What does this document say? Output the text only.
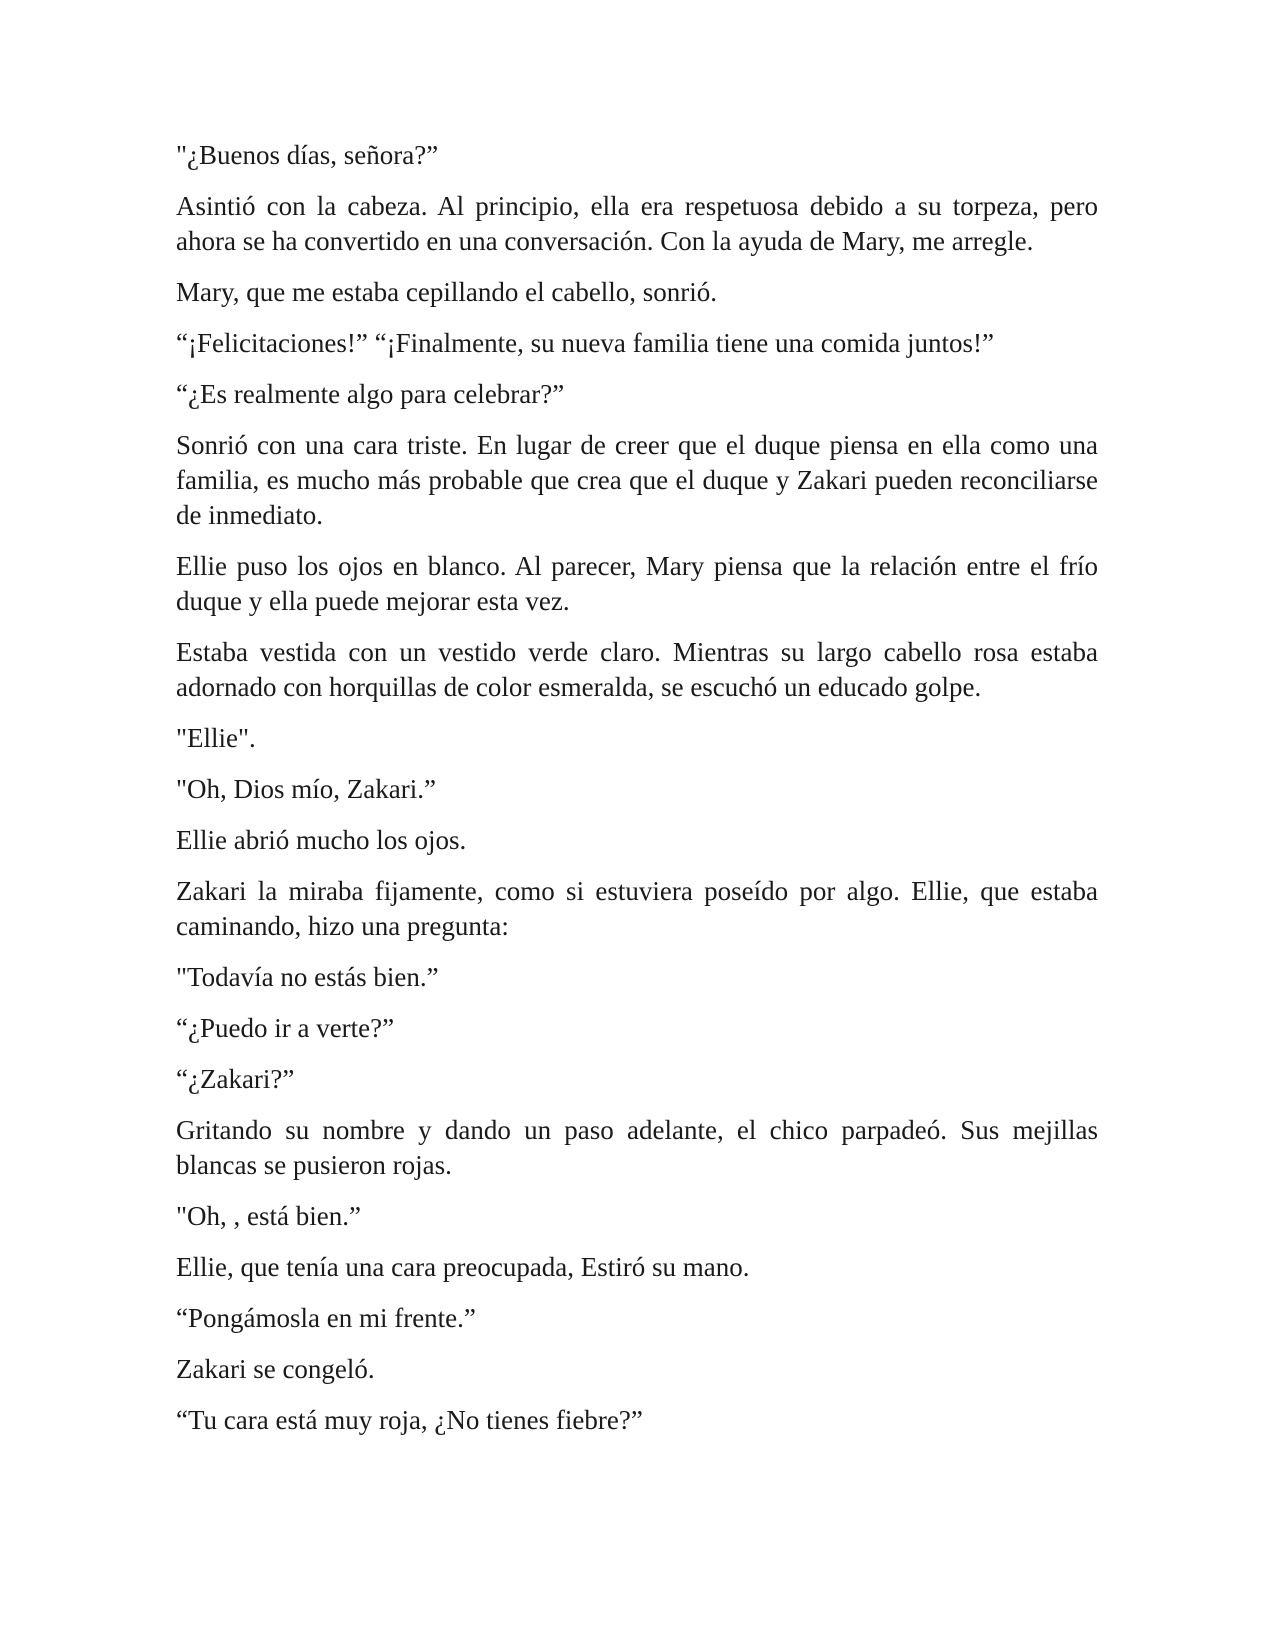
"¿Buenos días, señora?”

Asintió con la cabeza. Al principio, ella era respetuosa debido a su torpeza, pero ahora se ha convertido en una conversación. Con la ayuda de Mary, me arregle.

Mary, que me estaba cepillando el cabello, sonrió.

“¡Felicitaciones!” “¡Finalmente, su nueva familia tiene una comida juntos!”

“¿Es realmente algo para celebrar?”

Sonrió con una cara triste. En lugar de creer que el duque piensa en ella como una familia, es mucho más probable que crea que el duque y Zakari pueden reconciliarse de inmediato.

Ellie puso los ojos en blanco. Al parecer, Mary piensa que la relación entre el frío duque y ella puede mejorar esta vez.

Estaba vestida con un vestido verde claro. Mientras su largo cabello rosa estaba adornado con horquillas de color esmeralda, se escuchó un educado golpe.

"Ellie".

"Oh, Dios mío, Zakari.”

Ellie abrió mucho los ojos.

Zakari la miraba fijamente, como si estuviera poseído por algo. Ellie, que estaba caminando, hizo una pregunta:

"Todavía no estás bien.”

“¿Puedo ir a verte?”

“¿Zakari?”

Gritando su nombre y dando un paso adelante, el chico parpadeó. Sus mejillas blancas se pusieron rojas.

"Oh, , está bien.”

Ellie, que tenía una cara preocupada, Estiró su mano.

“Pongámosla en mi frente.”

Zakari se congeló.

“Tu cara está muy roja, ¿No tienes fiebre?”
